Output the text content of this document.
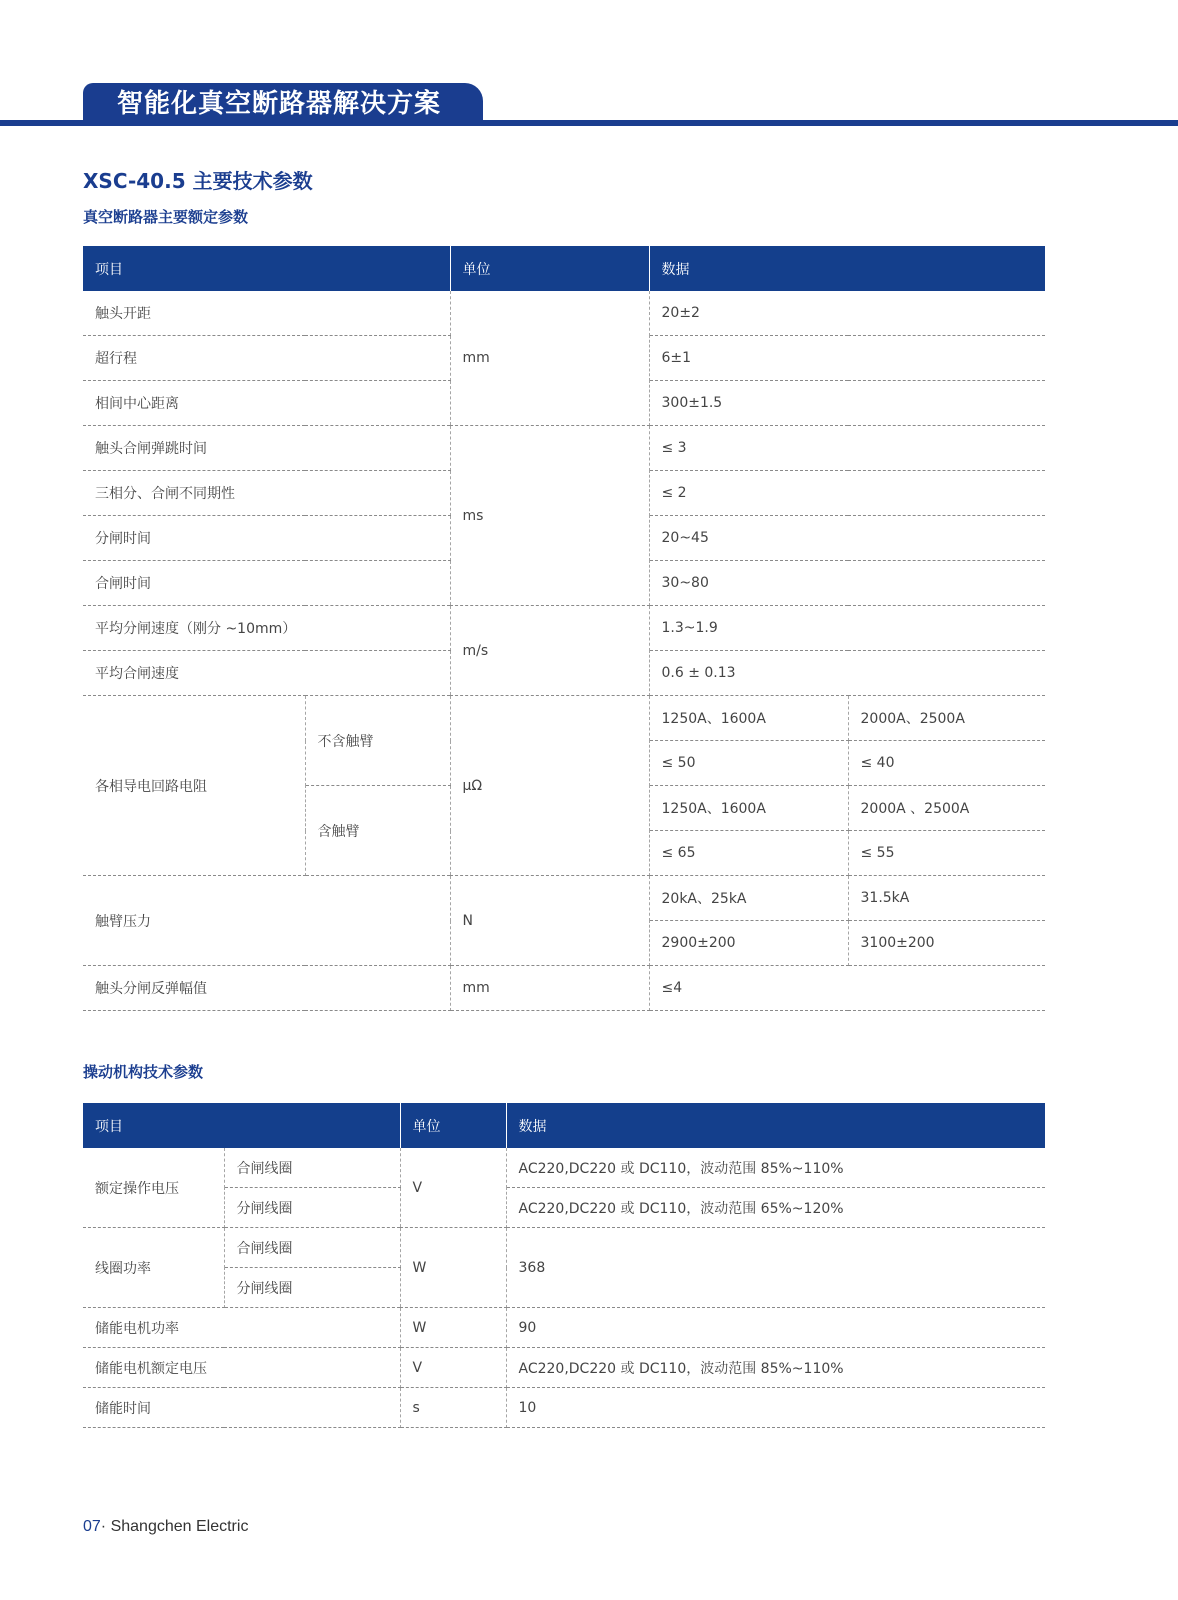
智能化真空断路器解决方案
XSC-40.5 主要技术参数
真空断路器主要额定参数
项目		单位	数据	
触头开距		mm	20±2	
超行程			6±1	
相间中心距离			300±1.5	
触头合闸弹跳时间		ms	≤ 3	
三相分、合闸不同期性			≤ 2	
分闸时间			20~45	
合闸时间			30~80	
平均分闸速度（刚分 ~10mm）		m/s	1.3~1.9	
平均合闸速度			0.6 ± 0.13	
各相导电回路电阻	不含触臂	μΩ	1250A、1600A	2000A、2500A
			≤ 50	≤ 40
	含触臂		1250A、1600A	2000A 、2500A
			≤ 65	≤ 55
触臂压力		N	20kA、25kA	31.5kA
			2900±200	3100±200
触头分闸反弹幅值		mm	≤4	
操动机构技术参数
项目		单位	数据
额定操作电压	合闸线圈	V	AC220,DC220 或 DC110，波动范围 85%~110%
	分闸线圈		AC220,DC220 或 DC110，波动范围 65%~120%
线圈功率	合闸线圈	W	368
	分闸线圈		
储能电机功率		W	90
储能电机额定电压		V	AC220,DC220 或 DC110，波动范围 85%~110%
储能时间		s	10
07· Shangchen Electric
